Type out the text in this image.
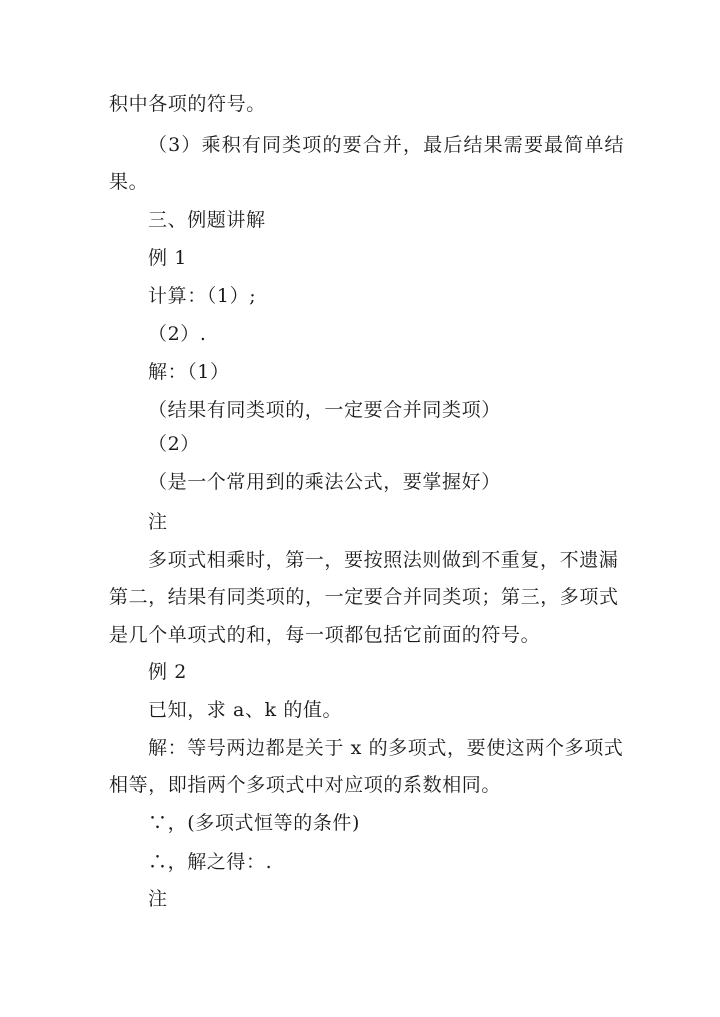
积中各项的符号。
（3）乘积有同类项的要合并，最后结果需要最简单结
果。
三、例题讲解
例 1
计算：（1）;
（2）.
解：（1）
（结果有同类项的，一定要合并同类项）
（2）
（是一个常用到的乘法公式，要掌握好）
注
多项式相乘时，第一，要按照法则做到不重复，不遗漏
第二，结果有同类项的，一定要合并同类项；第三，多项式
是几个单项式的和，每一项都包括它前面的符号。
例 2
已知，求 a、k 的值。
解：等号两边都是关于 x 的多项式，要使这两个多项式
相等，即指两个多项式中对应项的系数相同。
∵，(多项式恒等的条件)
∴，解之得：.
注
